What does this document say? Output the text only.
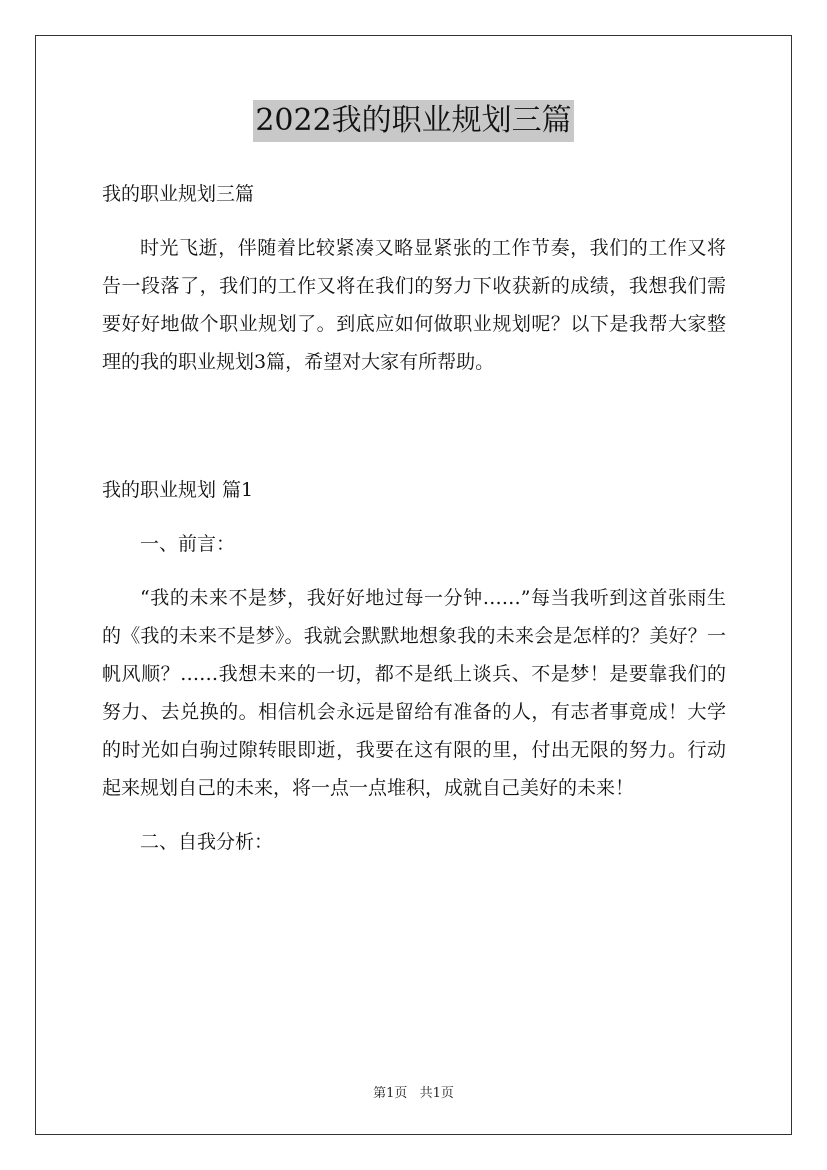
2022我的职业规划三篇

我的职业规划三篇

时光飞逝，伴随着比较紧凑又略显紧张的工作节奏，我们的工作又将告一段落了，我们的工作又将在我们的努力下收获新的成绩，我想我们需要好好地做个职业规划了。到底应如何做职业规划呢？以下是我帮大家整理的我的职业规划3篇，希望对大家有所帮助。

我的职业规划 篇1

一、前言：

“我的未来不是梦，我好好地过每一分钟……”每当我听到这首张雨生的《我的未来不是梦》。我就会默默地想象我的未来会是怎样的？美好？一帆风顺？……我想未来的一切，都不是纸上谈兵、不是梦！是要靠我们的努力、去兑换的。相信机会永远是留给有准备的人，有志者事竟成！大学的时光如白驹过隙转眼即逝，我要在这有限的里，付出无限的努力。行动起来规划自己的未来，将一点一点堆积，成就自己美好的未来！

二、自我分析：

第1页 共1页
